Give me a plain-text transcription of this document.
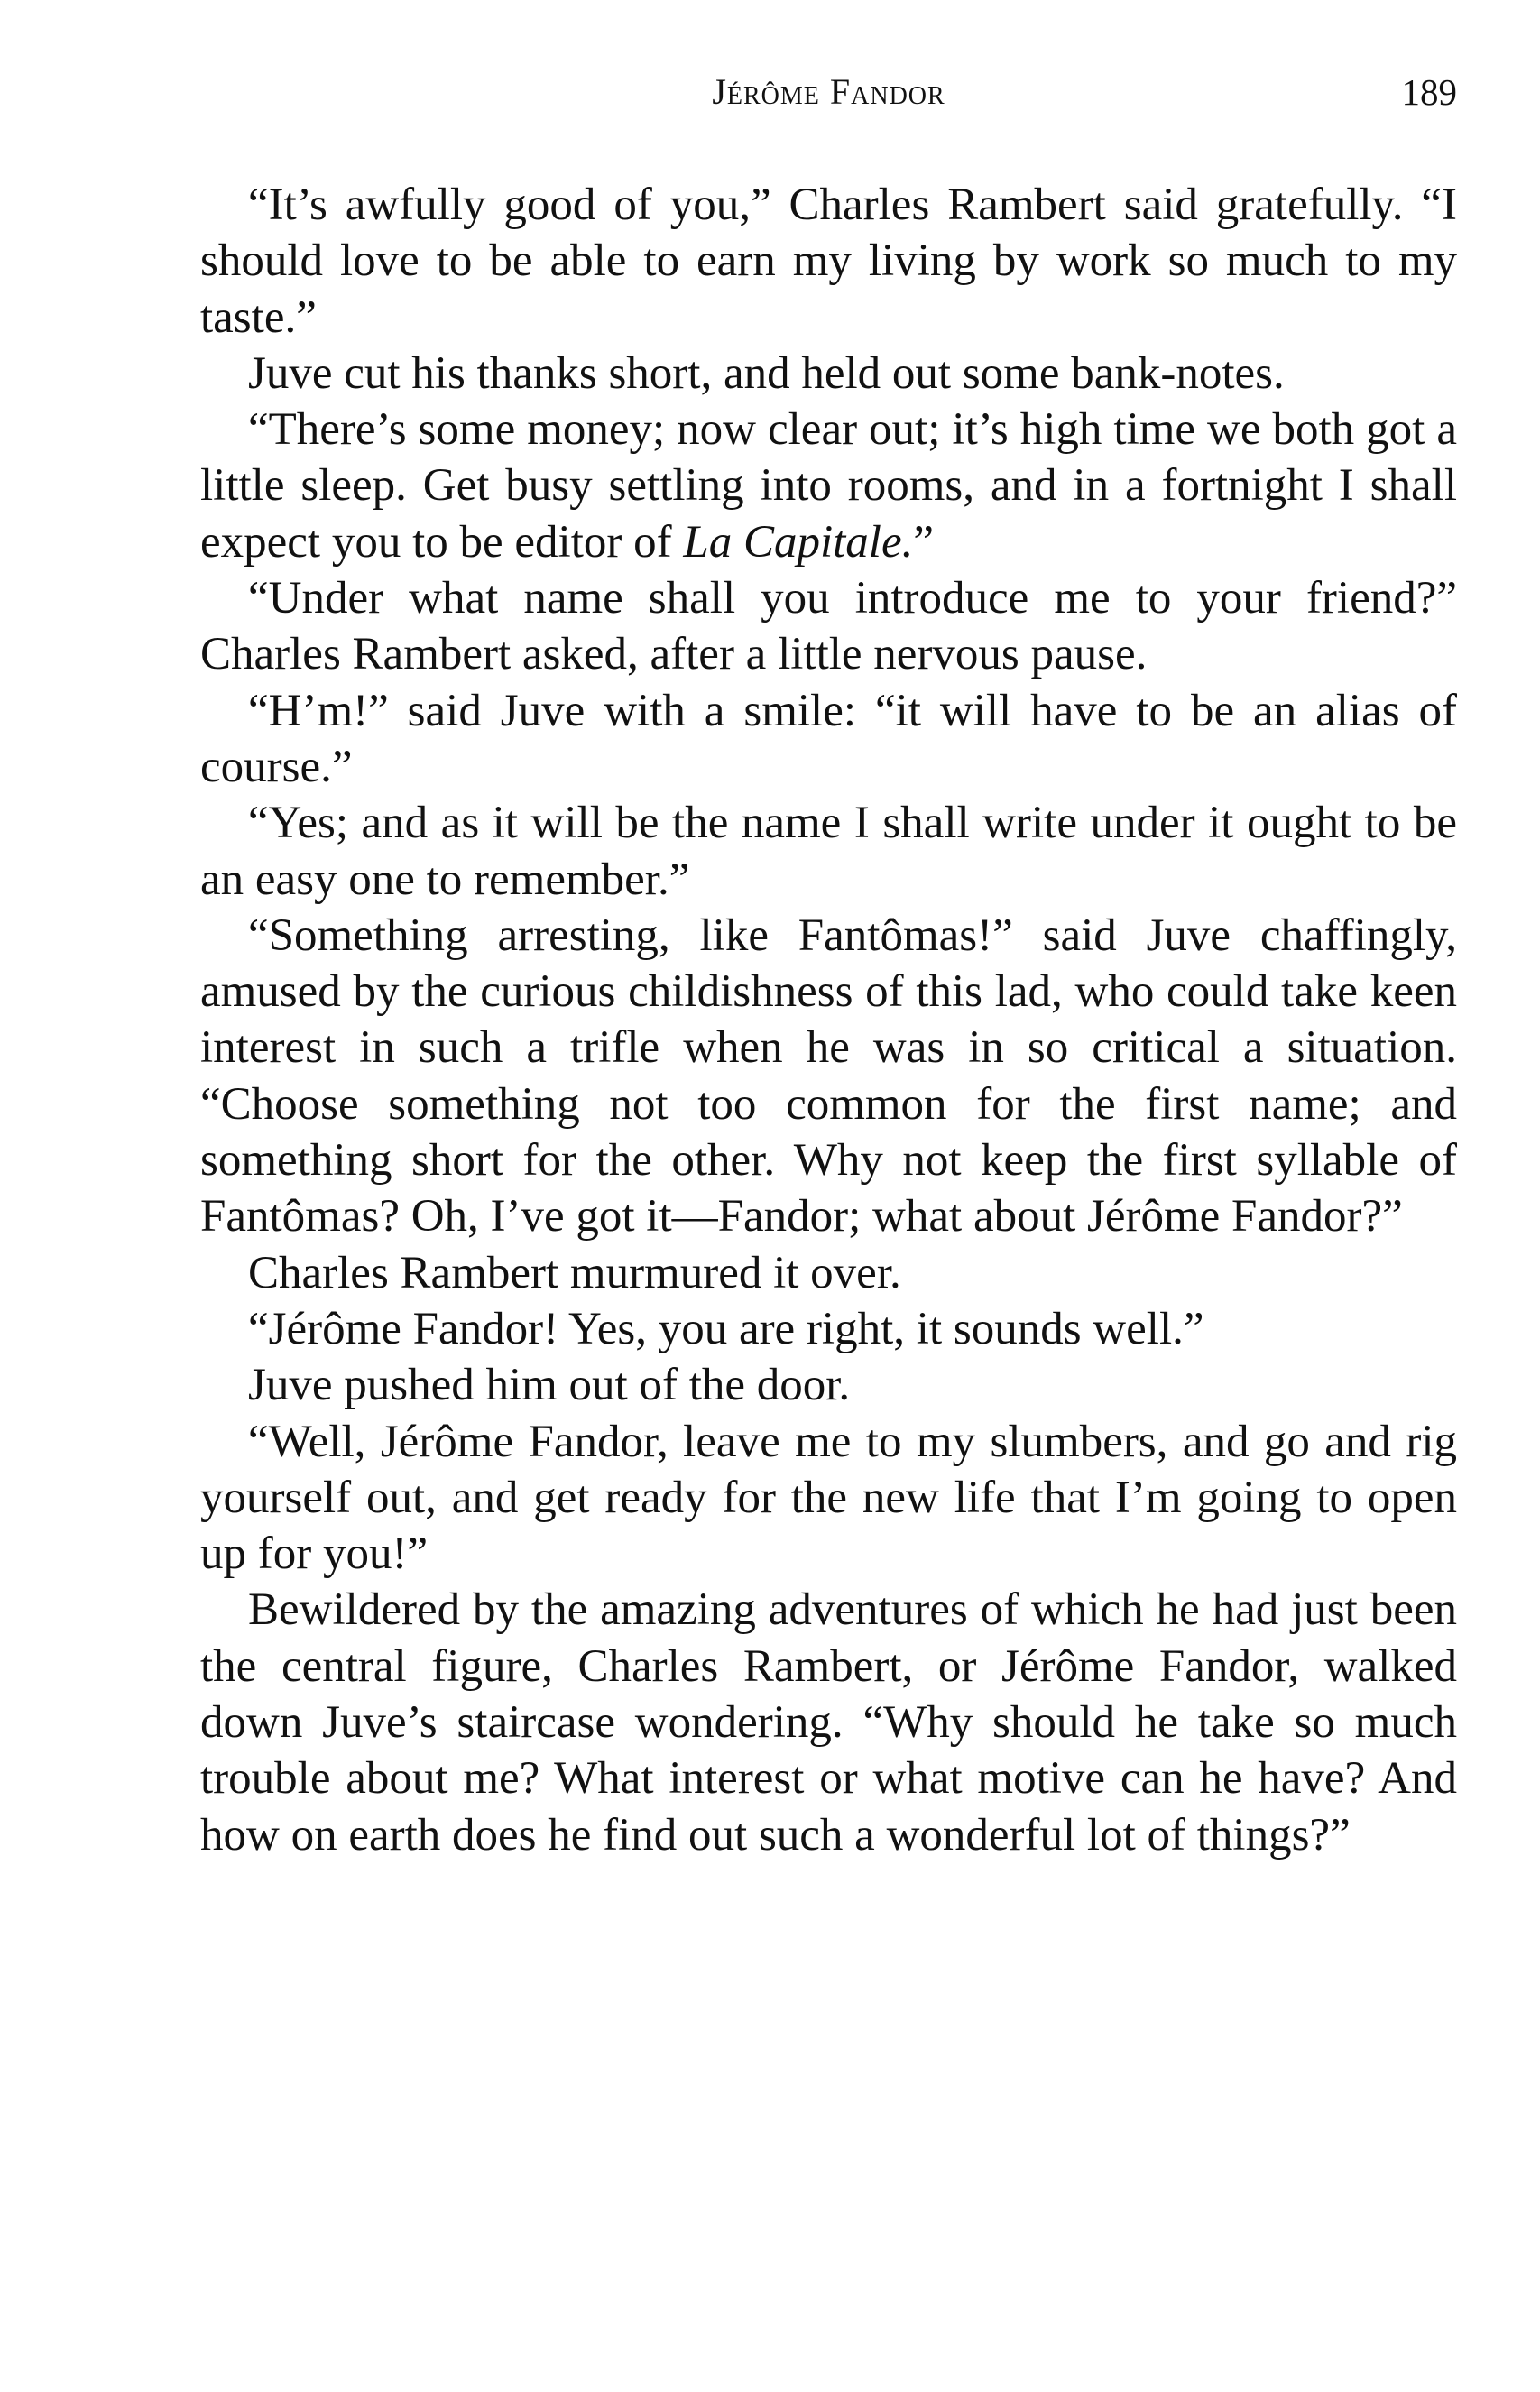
Jérôme Fandor	189

“It’s awfully good of you,” Charles Rambert said gratefully. “I should love to be able to earn my living by work so much to my taste.”

Juve cut his thanks short, and held out some bank-notes.

“There’s some money; now clear out; it’s high time we both got a little sleep. Get busy settling into rooms, and in a fortnight I shall expect you to be editor of La Capitale.”

“Under what name shall you introduce me to your friend?” Charles Rambert asked, after a little nervous pause.

“H’m!” said Juve with a smile: “it will have to be an alias of course.”

“Yes; and as it will be the name I shall write under it ought to be an easy one to remember.”

“Something arresting, like Fantômas!” said Juve chaffingly, amused by the curious childishness of this lad, who could take keen interest in such a trifle when he was in so critical a situation. “Choose something not too common for the first name; and something short for the other. Why not keep the first syllable of Fantômas? Oh, I’ve got it—Fandor; what about Jérôme Fandor?”

Charles Rambert murmured it over.

“Jérôme Fandor! Yes, you are right, it sounds well.”

Juve pushed him out of the door.

“Well, Jérôme Fandor, leave me to my slumbers, and go and rig yourself out, and get ready for the new life that I’m going to open up for you!”

Bewildered by the amazing adventures of which he had just been the central figure, Charles Rambert, or Jérôme Fandor, walked down Juve’s staircase wondering. “Why should he take so much trouble about me? What interest or what motive can he have? And how on earth does he find out such a wonderful lot of things?”
